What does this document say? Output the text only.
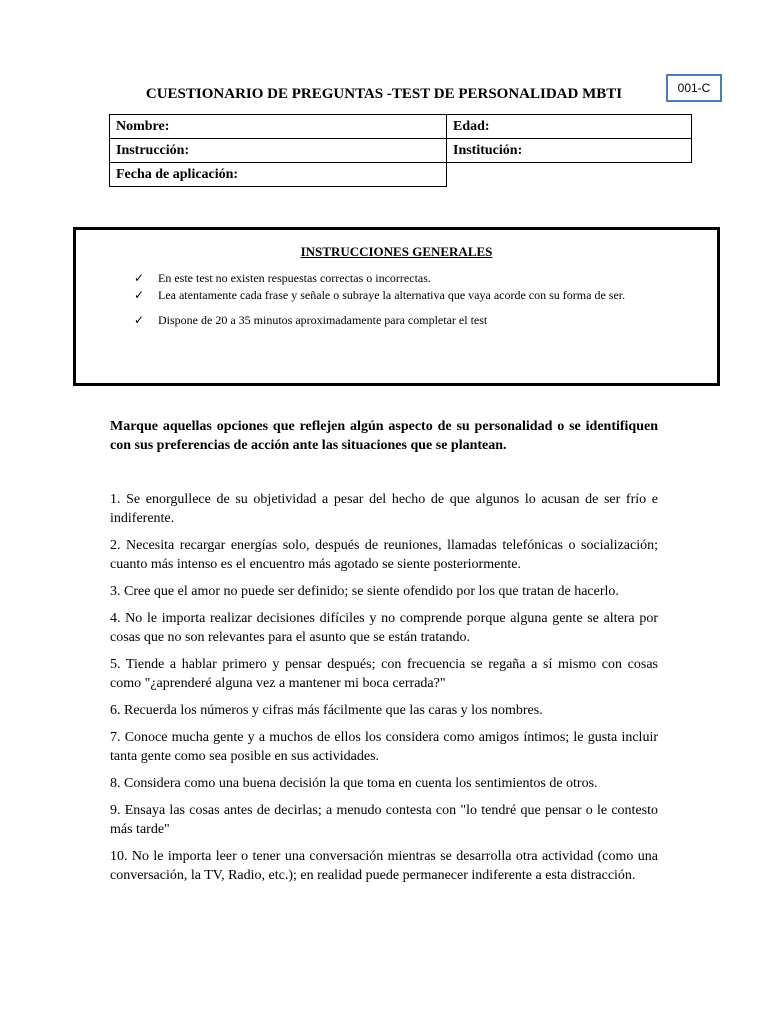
001-C
CUESTIONARIO DE PREGUNTAS -TEST DE PERSONALIDAD MBTI
Nombre:	Edad:
Instrucción:	Institución:
Fecha de aplicación:	
INSTRUCCIONES GENERALES
✓	En este test no existen respuestas correctas o incorrectas.
✓	Lea atentamente cada frase y señale o subraye la alternativa que vaya acorde con su forma de ser.
✓	Dispone de 20 a 35 minutos aproximadamente para completar el test

Marque aquellas opciones que reflejen algún aspecto de su personalidad o se identifiquen con sus preferencias de acción ante las situaciones que se plantean.

1. Se enorgullece de su objetividad a pesar del hecho de que algunos lo acusan de ser frío e indiferente.

2. Necesita recargar energías solo, después de reuniones, llamadas telefónicas o socialización; cuanto más intenso es el encuentro más agotado se siente posteriormente.

3. Cree que el amor no puede ser definido; se siente ofendido por los que tratan de hacerlo.

4. No le importa realizar decisiones difíciles y no comprende porque alguna gente se altera por cosas que no son relevantes para el asunto que se están tratando.

5. Tiende a hablar primero y pensar después; con frecuencia se regaña a sí mismo con cosas como "¿aprenderé alguna vez a mantener mi boca cerrada?"

6. Recuerda los números y cifras más fácilmente que las caras y los nombres.

7. Conoce mucha gente y a muchos de ellos los considera como amigos íntimos; le gusta incluir tanta gente como sea posible en sus actividades.

8. Considera como una buena decisión la que toma en cuenta los sentimientos de otros.

9. Ensaya las cosas antes de decirlas; a menudo contesta con "lo tendré que pensar o le contesto más tarde"

10. No le importa leer o tener una conversación mientras se desarrolla otra actividad (como una conversación, la TV, Radio, etc.); en realidad puede permanecer indiferente a esta distracción.
